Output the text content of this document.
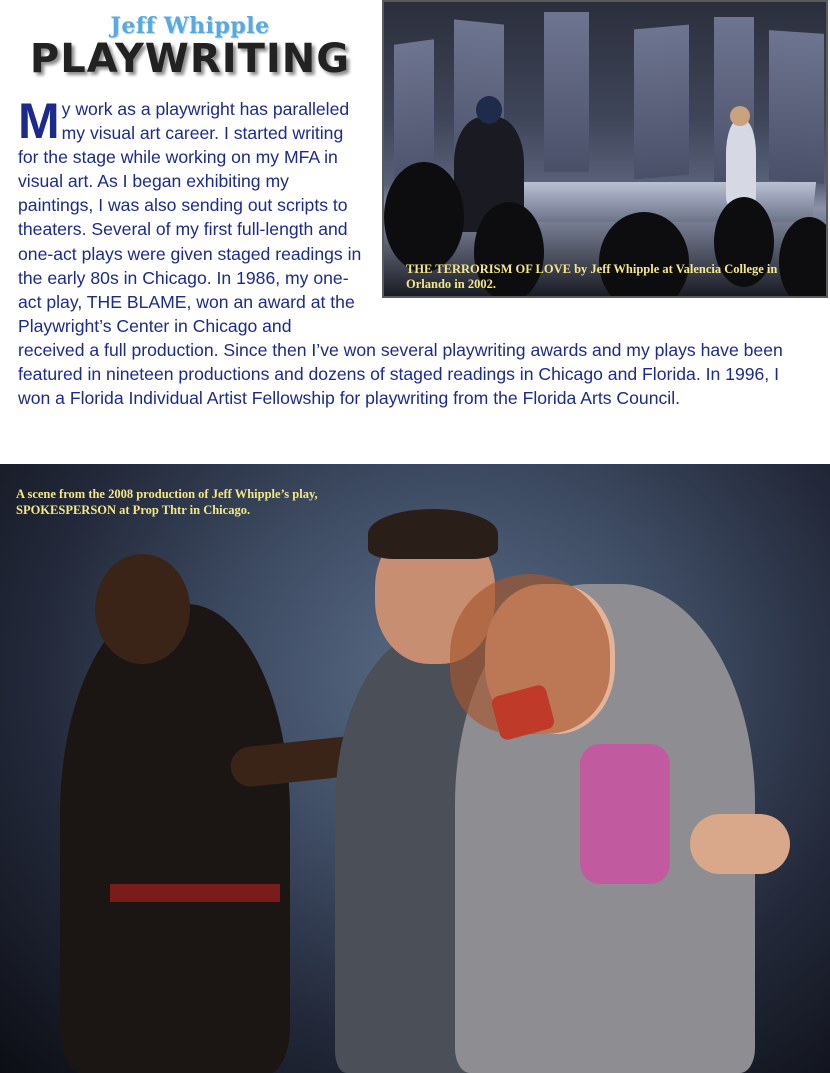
Jeff Whipple
PLAYWRITING
THE TERRORISM OF LOVE by Jeff Whipple at Valencia College in Orlando in 2002.
M y work as a playwright has paralleled my visual art career. I started writing for the stage while working on my MFA in visual art. As I began exhibiting my paintings, I was also sending out scripts to theaters. Several of my first full-length and one-act plays were given staged readings in the early 80s in Chicago. In 1986, my one-act play, THE BLAME, won an award at the Playwright’s Center in Chicago and received a full production. Since then I’ve won several playwriting awards and my plays have been featured in nineteen productions and dozens of staged readings in Chicago and Florida. In 1996, I won a Florida Individual Artist Fellowship for playwriting from the Florida Arts Council.
A scene from the 2008 production of Jeff Whipple’s play, SPOKESPERSON at Prop Thtr in Chicago.
